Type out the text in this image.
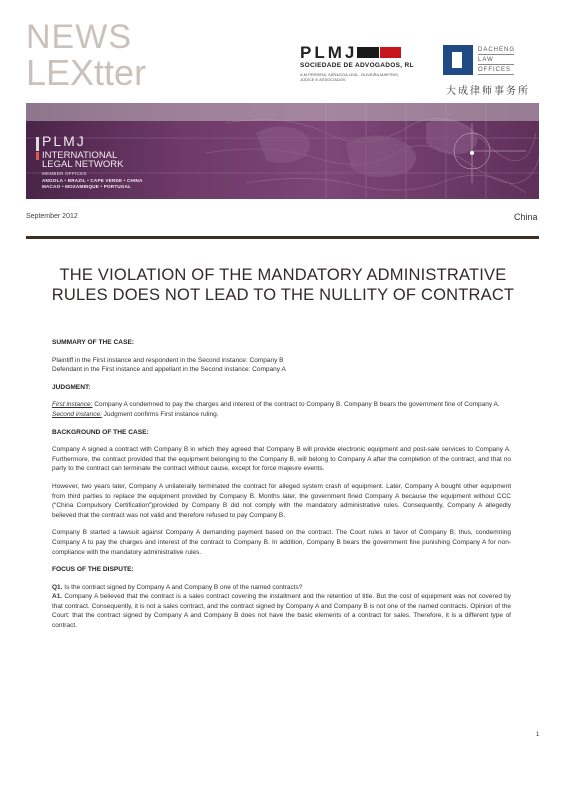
NEWS
LEXtter	PLMJ
SOCIEDADE DE ADVOGADOS, RL
A.M.PEREIRA, SÁRAGGA LEAL, OLIVEIRA MARTINS, JÚDICE E ASSOCIADOS
DACHENG
LAW
OFFICES
大成律师事务所
PLMJ
INTERNATIONAL
LEGAL NETWORK
MEMBER OFFICES
ANGOLA • BRAZIL • CAPE VERDE • CHINA
MACAO • MOZAMBIQUE • PORTUGAL
September 2012	China
THE VIOLATION OF THE MANDATORY ADMINISTRATIVE
RULES DOES NOT LEAD TO THE NULLITY OF CONTRACT
SUMMARY OF THE CASE:

Plaintiff in the First instance and respondent in the Second instance: Company B

Defendant in the First instance and appellant in the Second instance: Company A

JUDGMENT:

First instance: Company A condemned to pay the charges and interest of the contract to Company B. Company B bears the government fine of Company A.

Second instance: Judgment confirms First instance ruling.

BACKGROUND OF THE CASE:

Company A signed a contract with Company B in which they agreed that Company B will provide electronic equipment and post-sale services to Company A. Furthermore, the contract provided that the equipment belonging to the Company B, will belong to Company A after the completion of the contract, and that no party to the contract can terminate the contract without cause, except for force majeure events.

However, two years later, Company A unilaterally terminated the contract for alleged system crash of equipment. Later, Company A bought other equipment from third parties to replace the equipment provided by Company B. Months later, the government fined Company A because the equipment without CCC (“China Compulsory Certification”)provided by Company B did not comply with the mandatory administrative rules. Consequently, Company A allegedly believed that the contract was not valid and therefore refused to pay Company B.

Company B started a lawsuit against Company A demanding payment based on the contract. The Court rules in favor of Company B; thus, condemning Company A to pay the charges and interest of the contract to Company B. In addition, Company B bears the government fine punishing Company A for non-compliance with the mandatory administrative rules.

FOCUS OF THE DISPUTE:

Q1. Is the contract signed by Company A and Company B one of the named contracts?

A1. Company A believed that the contract is a sales contract covering the installment and the retention of title. But the cost of equipment was not covered by that contract. Consequently, it is not a sales contract, and the contract signed by Company A and Company B is not one of the named contracts. Opinion of the Court: that the contract signed by Company A and Company B does not have the basic elements of a contract for sales. Therefore, it is a different type of contract.

1
